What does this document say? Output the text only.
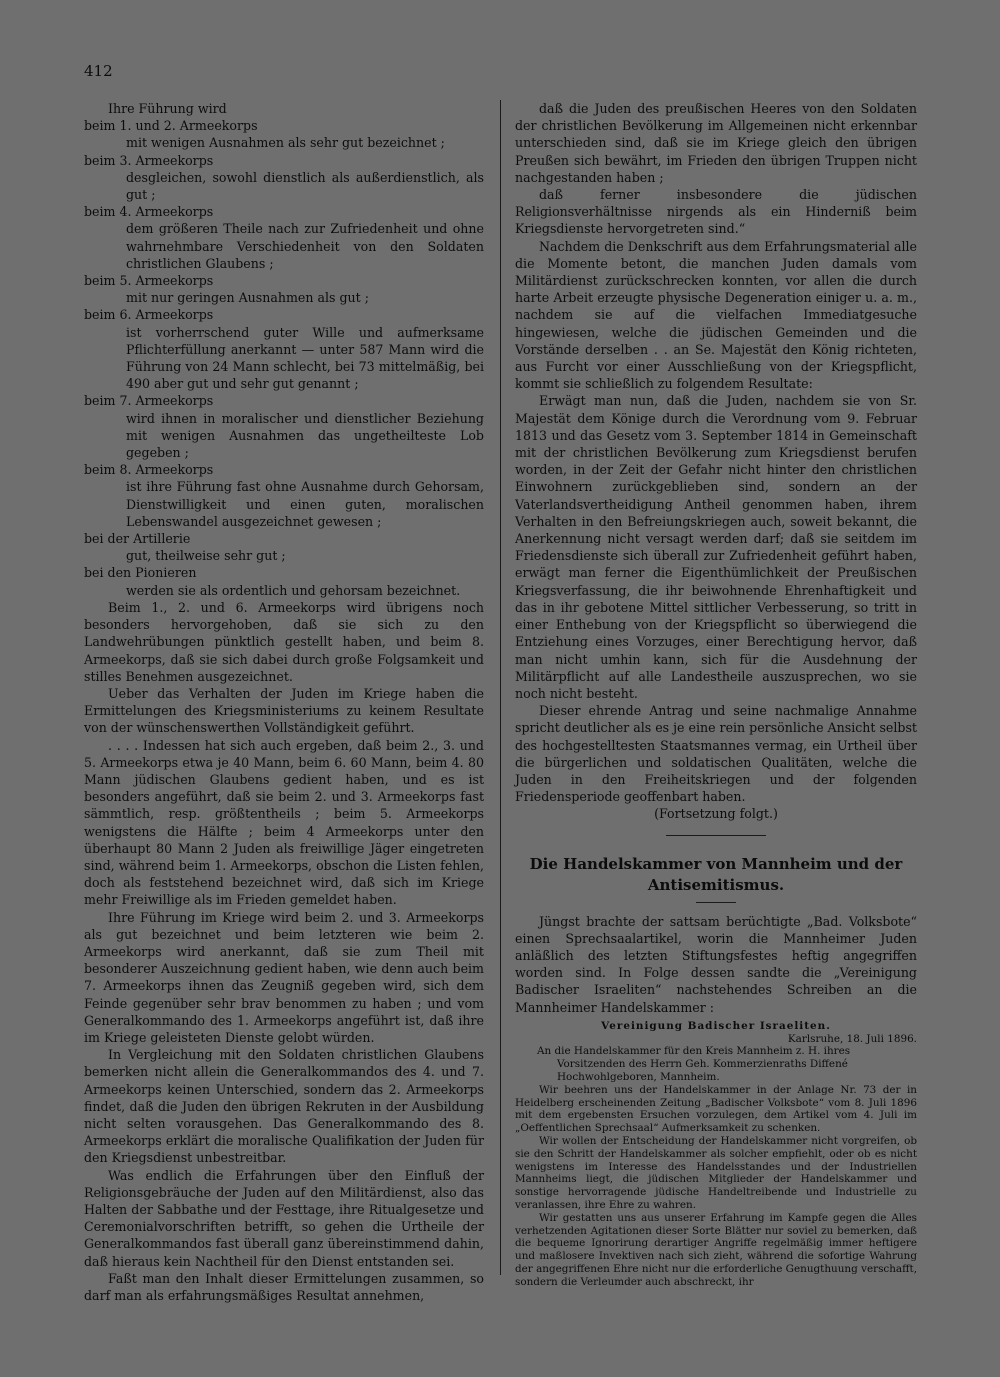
412

Ihre Führung wird

beim 1. und 2. Armeekorps

mit wenigen Ausnahmen als sehr gut bezeichnet ;

beim 3. Armeekorps

desgleichen, sowohl dienstlich als außerdienstlich, als gut ;

beim 4. Armeekorps

dem größeren Theile nach zur Zufriedenheit und ohne wahrnehmbare Verschiedenheit von den Soldaten christlichen Glaubens ;

beim 5. Armeekorps

mit nur geringen Ausnahmen als gut ;

beim 6. Armeekorps

ist vorherrschend guter Wille und aufmerksame Pflichterfüllung anerkannt — unter 587 Mann wird die Führung von 24 Mann schlecht, bei 73 mittelmäßig, bei 490 aber gut und sehr gut genannt ;

beim 7. Armeekorps

wird ihnen in moralischer und dienstlicher Beziehung mit wenigen Ausnahmen das ungetheilteste Lob gegeben ;

beim 8. Armeekorps

ist ihre Führung fast ohne Ausnahme durch Gehorsam, Dienstwilligkeit und einen guten, moralischen Lebenswandel ausgezeichnet gewesen ;

bei der Artillerie

gut, theilweise sehr gut ;

bei den Pionieren

werden sie als ordentlich und gehorsam bezeichnet.

Beim 1., 2. und 6. Armeekorps wird übrigens noch besonders hervorgehoben, daß sie sich zu den Landwehrübungen pünktlich gestellt haben, und beim 8. Armeekorps, daß sie sich dabei durch große Folgsamkeit und stilles Benehmen ausgezeichnet.

Ueber das Verhalten der Juden im Kriege haben die Ermittelungen des Kriegsministeriums zu keinem Resultate von der wünschenswerthen Vollständigkeit geführt.

. . . . Indessen hat sich auch ergeben, daß beim 2., 3. und 5. Armeekorps etwa je 40 Mann, beim 6. 60 Mann, beim 4. 80 Mann jüdischen Glaubens gedient haben, und es ist besonders angeführt, daß sie beim 2. und 3. Armeekorps fast sämmtlich, resp. größtentheils ; beim 5. Armeekorps wenigstens die Hälfte ; beim 4 Armeekorps unter den überhaupt 80 Mann 2 Juden als freiwillige Jäger eingetreten sind, während beim 1. Armeekorps, obschon die Listen fehlen, doch als feststehend bezeichnet wird, daß sich im Kriege mehr Freiwillige als im Frieden gemeldet haben.

Ihre Führung im Kriege wird beim 2. und 3. Armeekorps als gut bezeichnet und beim letzteren wie beim 2. Armeekorps wird anerkannt, daß sie zum Theil mit besonderer Auszeichnung gedient haben, wie denn auch beim 7. Armeekorps ihnen das Zeugniß gegeben wird, sich dem Feinde gegenüber sehr brav benommen zu haben ; und vom Generalkommando des 1. Armeekorps angeführt ist, daß ihre im Kriege geleisteten Dienste gelobt würden.

In Vergleichung mit den Soldaten christlichen Glaubens bemerken nicht allein die Generalkommandos des 4. und 7. Armeekorps keinen Unterschied, sondern das 2. Armeekorps findet, daß die Juden den übrigen Rekruten in der Ausbildung nicht selten vorausgehen. Das Generalkommando des 8. Armeekorps erklärt die moralische Qualifikation der Juden für den Kriegsdienst unbestreitbar.

Was endlich die Erfahrungen über den Einfluß der Religionsgebräuche der Juden auf den Militärdienst, also das Halten der Sabbathe und der Festtage, ihre Ritualgesetze und Ceremonialvorschriften betrifft, so gehen die Urtheile der Generalkommandos fast überall ganz übereinstimmend dahin, daß hieraus kein Nachtheil für den Dienst entstanden sei.

Faßt man den Inhalt dieser Ermittelungen zusammen, so darf man als erfahrungsmäßiges Resultat annehmen,

daß die Juden des preußischen Heeres von den Soldaten der christlichen Bevölkerung im Allgemeinen nicht erkennbar unterschieden sind, daß sie im Kriege gleich den übrigen Preußen sich bewährt, im Frieden den übrigen Truppen nicht nachgestanden haben ;

daß ferner insbesondere die jüdischen Religionsverhältnisse nirgends als ein Hinderniß beim Kriegsdienste hervorgetreten sind.“

Nachdem die Denkschrift aus dem Erfahrungsmaterial alle die Momente betont, die manchen Juden damals vom Militärdienst zurückschrecken konnten, vor allen die durch harte Arbeit erzeugte physische Degeneration einiger u. a. m., nachdem sie auf die vielfachen Immediatgesuche hingewiesen, welche die jüdischen Gemeinden und die Vorstände derselben . . an Se. Majestät den König richteten, aus Furcht vor einer Ausschließung von der Kriegspflicht, kommt sie schließlich zu folgendem Resultate:

Erwägt man nun, daß die Juden, nachdem sie von Sr. Majestät dem Könige durch die Verordnung vom 9. Februar 1813 und das Gesetz vom 3. September 1814 in Gemeinschaft mit der christlichen Bevölkerung zum Kriegsdienst berufen worden, in der Zeit der Gefahr nicht hinter den christlichen Einwohnern zurückgeblieben sind, sondern an der Vaterlandsvertheidigung Antheil genommen haben, ihrem Verhalten in den Befreiungskriegen auch, soweit bekannt, die Anerkennung nicht versagt werden darf; daß sie seitdem im Friedensdienste sich überall zur Zufriedenheit geführt haben, erwägt man ferner die Eigenthümlichkeit der Preußischen Kriegsverfassung, die ihr beiwohnende Ehrenhaftigkeit und das in ihr gebotene Mittel sittlicher Verbesserung, so tritt in einer Enthebung von der Kriegspflicht so überwiegend die Entziehung eines Vorzuges, einer Berechtigung hervor, daß man nicht umhin kann, sich für die Ausdehnung der Militärpflicht auf alle Landestheile auszusprechen, wo sie noch nicht besteht.

Dieser ehrende Antrag und seine nachmalige Annahme spricht deutlicher als es je eine rein persönliche Ansicht selbst des hochgestelltesten Staatsmannes vermag, ein Urtheil über die bürgerlichen und soldatischen Qualitäten, welche die Juden in den Freiheitskriegen und der folgenden Friedensperiode geoffenbart haben.

(Fortsetzung folgt.)

Die Handelskammer von Mannheim und der
Antisemitismus.

Jüngst brachte der sattsam berüchtigte „Bad. Volksbote“ einen Sprechsaalartikel, worin die Mannheimer Juden anläßlich des letzten Stiftungsfestes heftig angegriffen worden sind. In Folge dessen sandte die „Vereinigung Badischer Israeliten“ nachstehendes Schreiben an die Mannheimer Handelskammer :

Vereinigung Badischer Israeliten.
Karlsruhe, 18. Juli 1896.
An die Handelskammer für den Kreis Mannheim z. H. ihres Vorsitzenden des Herrn Geh. Kommerzienraths Diffené Hochwohlgeboren, Mannheim.

Wir beehren uns der Handelskammer in der Anlage Nr. 73 der in Heidelberg erscheinenden Zeitung „Badischer Volksbote“ vom 8. Juli 1896 mit dem ergebensten Ersuchen vorzulegen, dem Artikel vom 4. Juli im „Oeffentlichen Sprechsaal“ Aufmerksamkeit zu schenken.

Wir wollen der Entscheidung der Handelskammer nicht vorgreifen, ob sie den Schritt der Handelskammer als solcher empfiehlt, oder ob es nicht wenigstens im Interesse des Handelsstandes und der Industriellen Mannheims liegt, die jüdischen Mitglieder der Handelskammer und sonstige hervorragende jüdische Handeltreibende und Industrielle zu veranlassen, ihre Ehre zu wahren.

Wir gestatten uns aus unserer Erfahrung im Kampfe gegen die Alles verhetzenden Agitationen dieser Sorte Blätter nur soviel zu bemerken, daß die bequeme Ignorirung derartiger Angriffe regelmäßig immer heftigere und maßlosere Invektiven nach sich zieht, während die sofortige Wahrung der angegriffenen Ehre nicht nur die erforderliche Genugthuung verschafft, sondern die Verleumder auch abschreckt, ihr
